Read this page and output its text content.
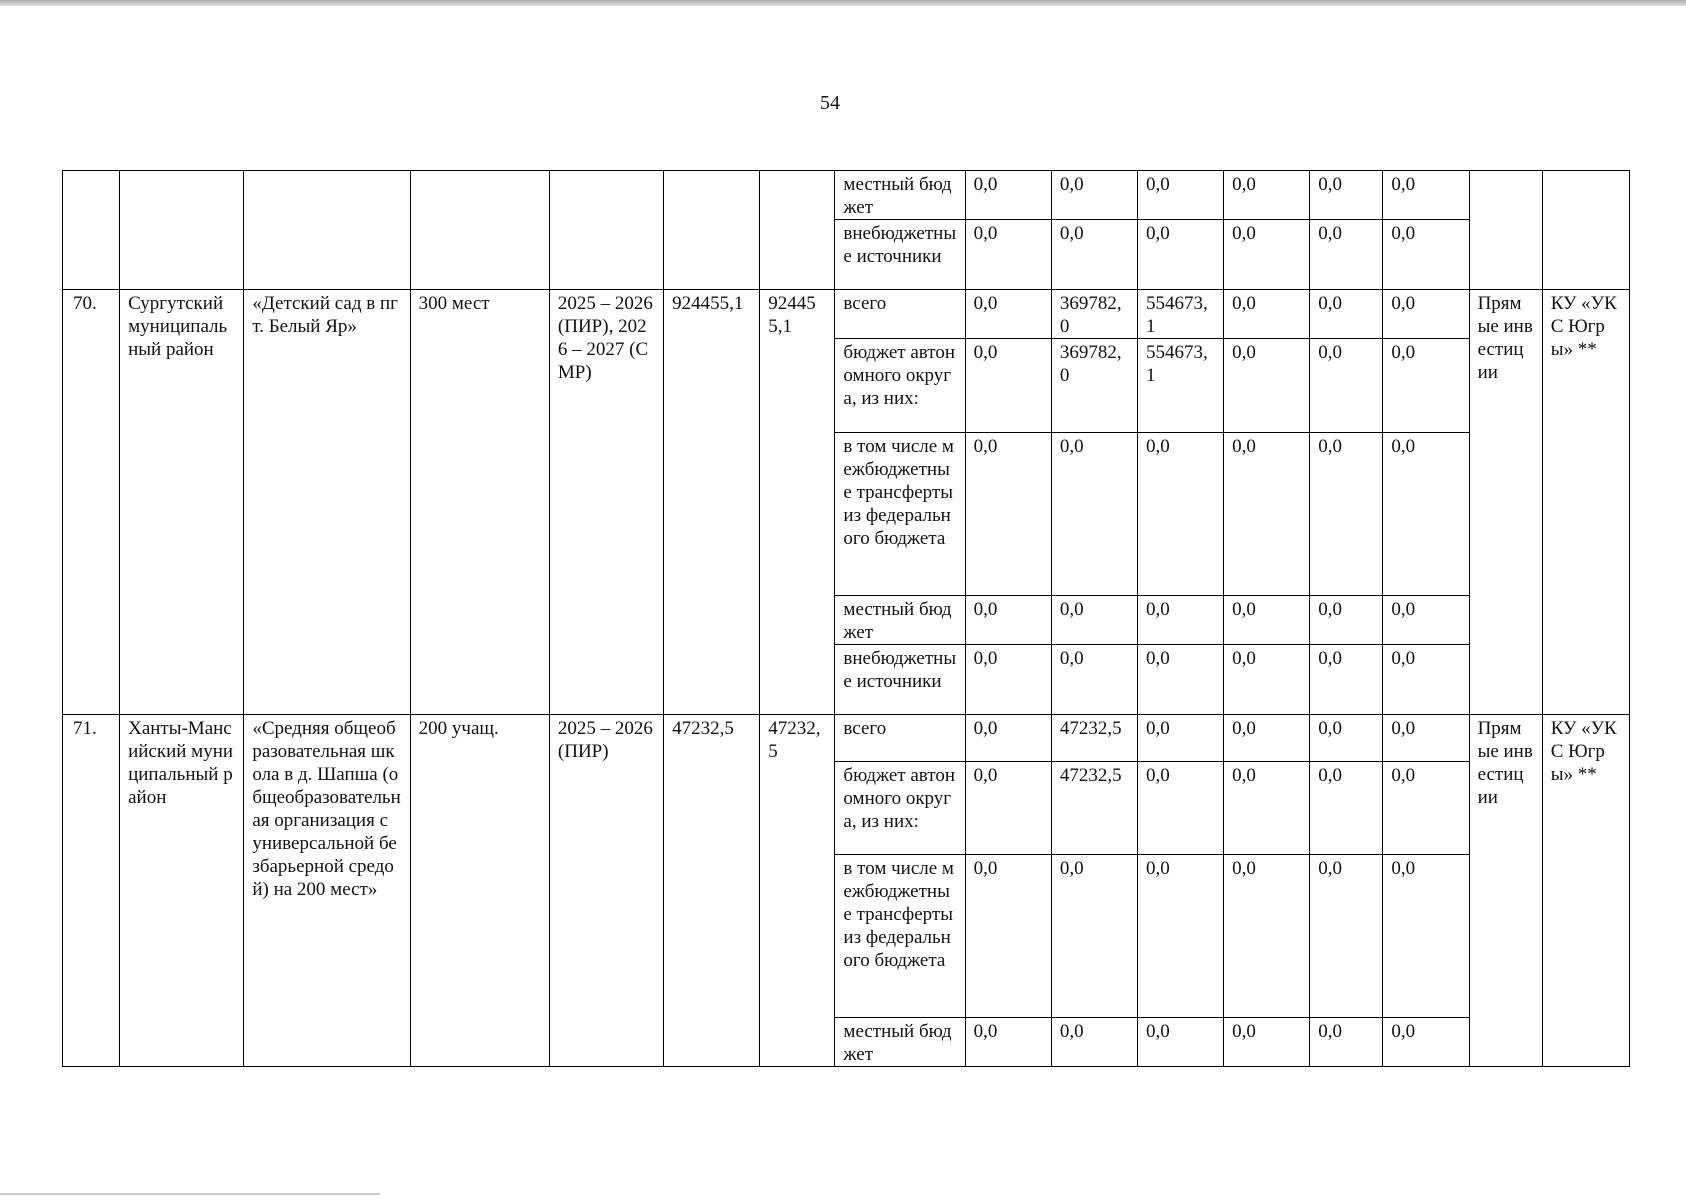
54
							местный бюджет	0,0	0,0	0,0	0,0	0,0	0,0		
							внебюджетные источники	0,0	0,0	0,0	0,0	0,0	0,0		
70.	Сургутский муниципальный район	«Детский сад в пгт. Белый Яр»	300 мест	2025 – 2026 (ПИР), 2026 – 2027 (СМР)	924455,1	924455,1	всего	0,0	369782,0	554673,1	0,0	0,0	0,0	Прямые инвестиции	КУ «УКС Югры» **
							бюджет автономного округа, из них:	0,0	369782,0	554673,1	0,0	0,0	0,0		
							в том числе межбюджетные трансферты из федерального бюджета	0,0	0,0	0,0	0,0	0,0	0,0		
							местный бюджет	0,0	0,0	0,0	0,0	0,0	0,0		
							внебюджетные источники	0,0	0,0	0,0	0,0	0,0	0,0		
71.	Ханты-Мансийский муниципальный район	«Средняя общеобразовательная школа в д. Шапша (общеобразовательная организация с универсальной безбарьерной средой) на 200 мест»	200 учащ.	2025 – 2026 (ПИР)	47232,5	47232,5	всего	0,0	47232,5	0,0	0,0	0,0	0,0	Прямые инвестиции	КУ «УКС Югры» **
							бюджет автономного округа, из них:	0,0	47232,5	0,0	0,0	0,0	0,0		
							в том числе межбюджетные трансферты из федерального бюджета	0,0	0,0	0,0	0,0	0,0	0,0		
							местный бюджет	0,0	0,0	0,0	0,0	0,0	0,0		
